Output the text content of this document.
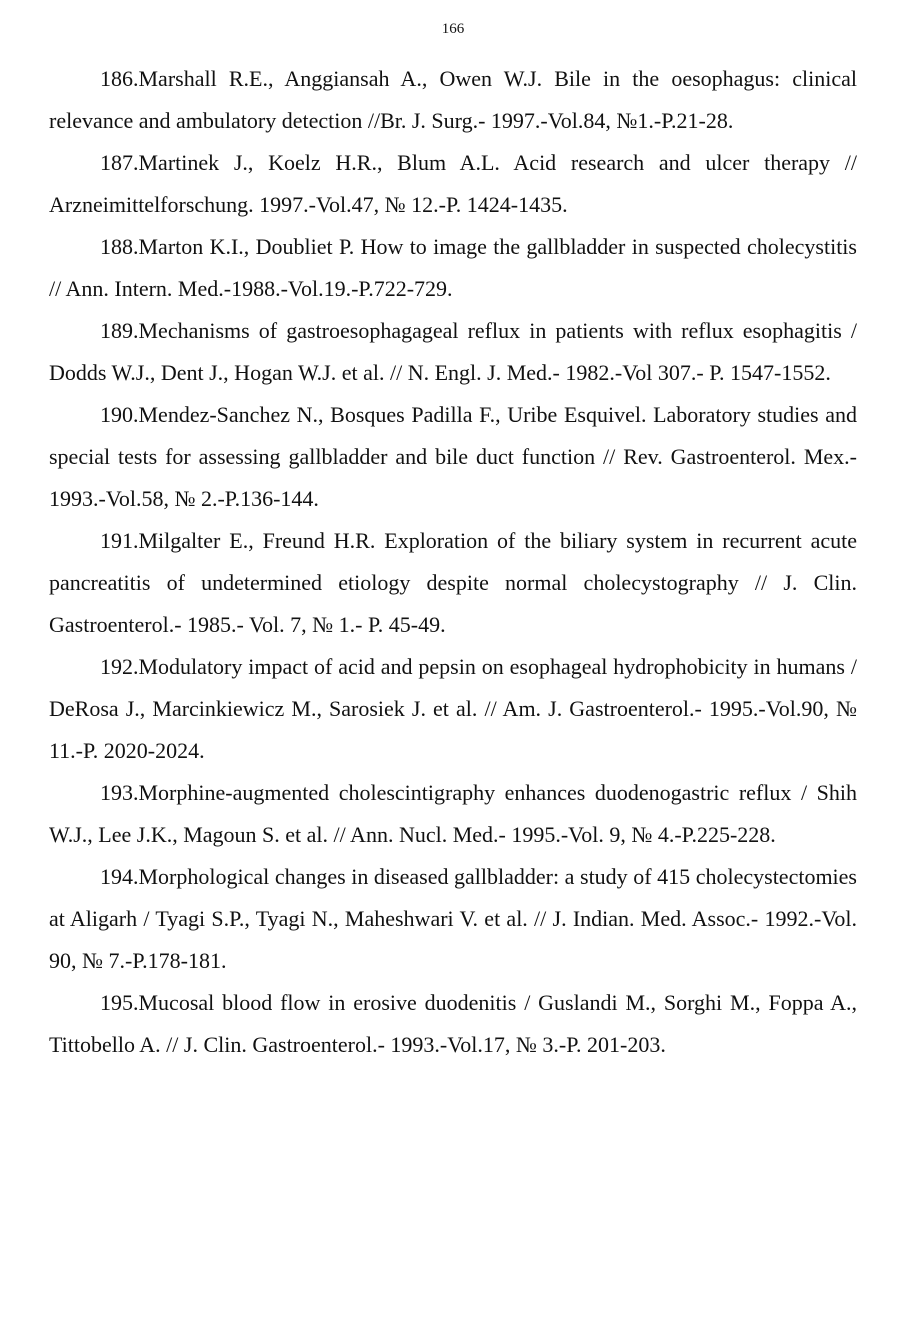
166

186.Marshall R.E., Anggiansah A., Owen W.J. Bile in the oesophagus: clinical relevance and ambulatory detection //Br. J. Surg.- 1997.-Vol.84, №1.-P.21-28.

187.Martinek J., Koelz H.R., Blum A.L. Acid research and ulcer therapy // Arzneimittelforschung. 1997.-Vol.47, № 12.-P. 1424-1435.

188.Marton K.I., Doubliet P. How to image the gallbladder in suspected cholecystitis // Ann. Intern. Med.-1988.-Vol.19.-P.722-729.

189.Mechanisms of gastroesophagageal reflux in patients with reflux esophagitis / Dodds W.J., Dent J., Hogan W.J. et al. // N. Engl. J. Med.- 1982.-Vol 307.- P. 1547-1552.

190.Mendez-Sanchez N., Bosques Padilla F., Uribe Esquivel. Laboratory studies and special tests for assessing gallbladder and bile duct function // Rev. Gastroenterol. Mex.- 1993.-Vol.58, № 2.-P.136-144.

191.Milgalter E., Freund H.R. Exploration of the biliary system in recurrent acute pancreatitis of undetermined etiology despite normal cholecystography // J. Clin. Gastroenterol.- 1985.- Vol. 7, № 1.- P. 45-49.

192.Modulatory impact of acid and pepsin on esophageal hydrophobicity in humans / DeRosa J., Marcinkiewicz M., Sarosiek J. et al. // Am. J. Gastroenterol.- 1995.-Vol.90, № 11.-P. 2020-2024.

193.Morphine-augmented cholescintigraphy enhances duodenogastric reflux / Shih W.J., Lee J.K., Magoun S. et al. // Ann. Nucl. Med.- 1995.-Vol. 9, № 4.-P.225-228.

194.Morphological changes in diseased gallbladder: a study of 415 cholecystectomies at Aligarh / Tyagi S.P., Tyagi N., Maheshwari V. et al. // J. Indian. Med. Assoc.- 1992.-Vol. 90, № 7.-P.178-181.

195.Mucosal blood flow in erosive duodenitis / Guslandi M., Sorghi M., Foppa A., Tittobello A. // J. Clin. Gastroenterol.- 1993.-Vol.17, № 3.-P. 201-203.
